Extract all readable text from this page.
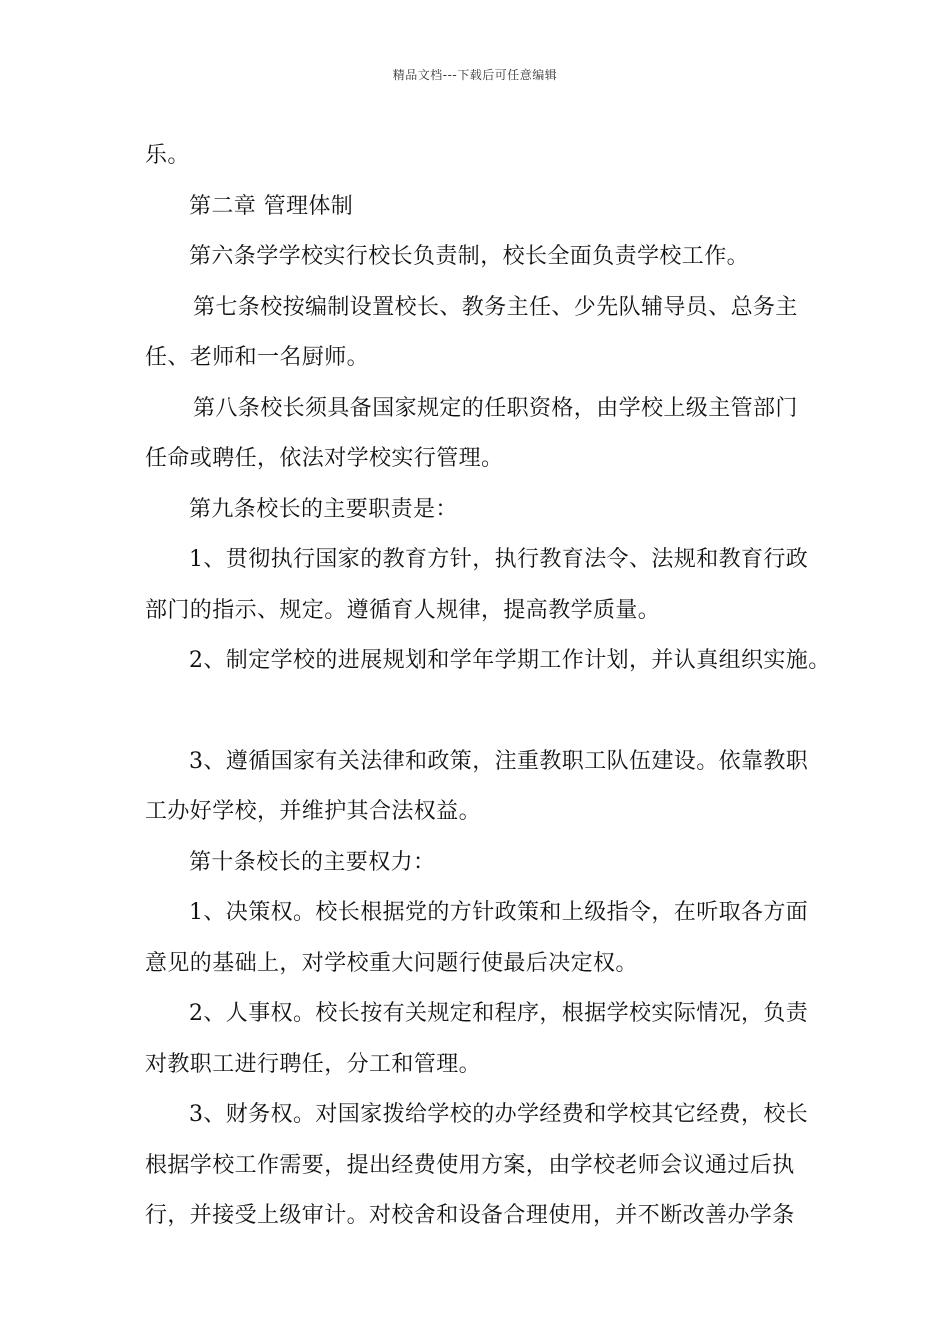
精品文档---下载后可任意编辑
乐。
第二章 管理体制
第六条学学校实行校长负责制，校长全面负责学校工作。
第七条校按编制设置校长、教务主任、少先队辅导员、总务主
任、老师和一名厨师。
第八条校长须具备国家规定的任职资格，由学校上级主管部门
任命或聘任，依法对学校实行管理。
第九条校长的主要职责是：
1、贯彻执行国家的教育方针，执行教育法令、法规和教育行政
部门的指示、规定。遵循育人规律，提高教学质量。
2、制定学校的进展规划和学年学期工作计划，并认真组织实施。
3、遵循国家有关法律和政策，注重教职工队伍建设。依靠教职
工办好学校，并维护其合法权益。
第十条校长的主要权力：
1、决策权。校长根据党的方针政策和上级指令，在听取各方面
意见的基础上，对学校重大问题行使最后决定权。
2、人事权。校长按有关规定和程序，根据学校实际情况，负责
对教职工进行聘任，分工和管理。
3、财务权。对国家拨给学校的办学经费和学校其它经费，校长
根据学校工作需要，提出经费使用方案，由学校老师会议通过后执
行，并接受上级审计。对校舍和设备合理使用，并不断改善办学条
